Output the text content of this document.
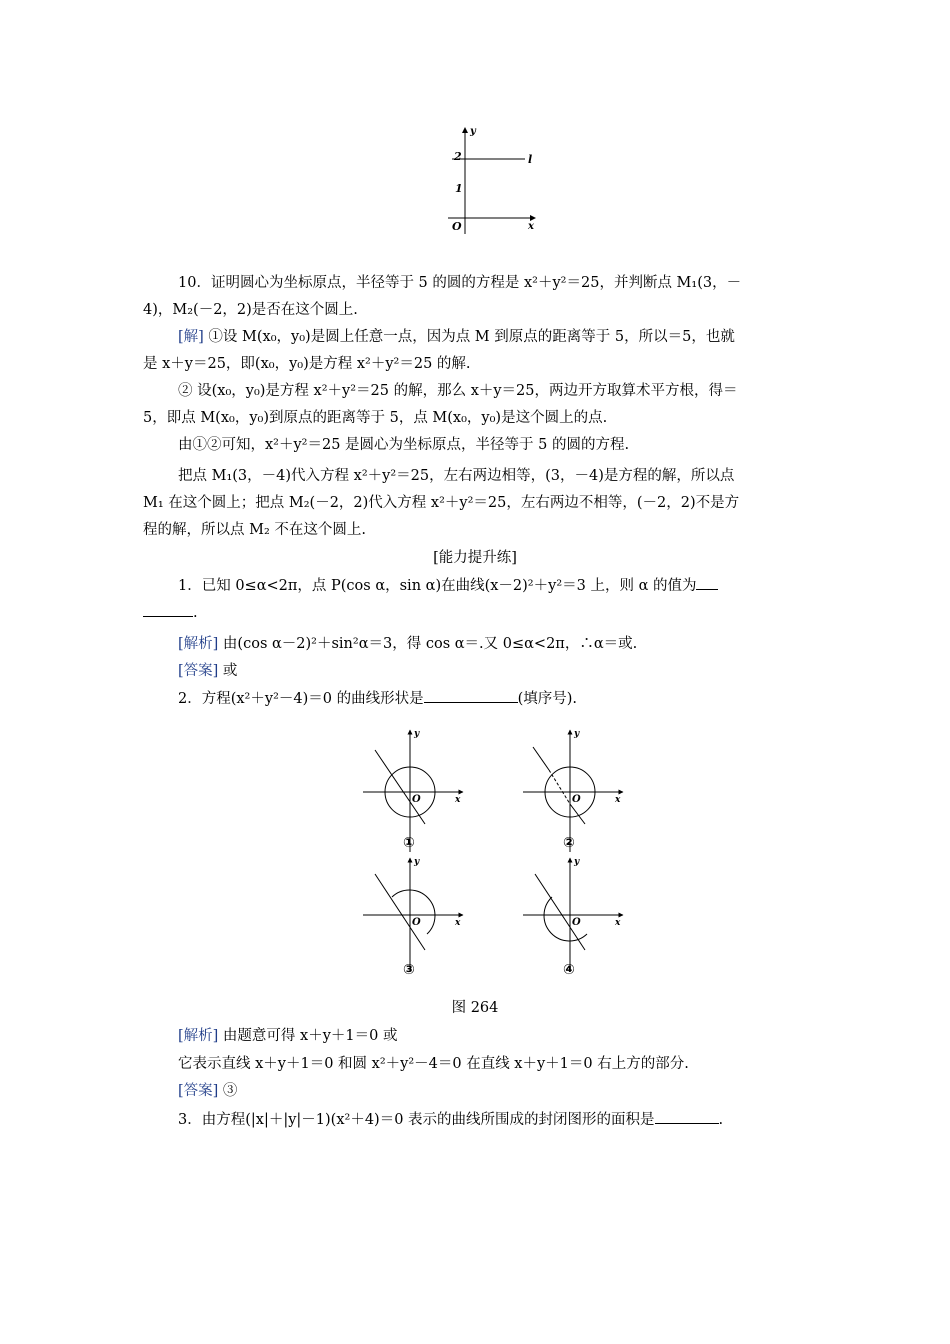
y
x
O
2
1
l
10．证明圆心为坐标原点，半径等于 5 的圆的方程是 x²＋y²＝25，并判断点 M₁(3，－
4)，M₂(－2，2)是否在这个圆上.
[解] ①设 M(x₀，y₀)是圆上任意一点，因为点 M 到原点的距离等于 5，所以＝5，也就
是 x＋y＝25，即(x₀，y₀)是方程 x²＋y²＝25 的解.
② 设(x₀，y₀)是方程 x²＋y²＝25 的解，那么 x＋y＝25，两边开方取算术平方根，得＝
5，即点 M(x₀，y₀)到原点的距离等于 5，点 M(x₀，y₀)是这个圆上的点.
由①②可知，x²＋y²＝25 是圆心为坐标原点，半径等于 5 的圆的方程.
把点 M₁(3，－4)代入方程 x²＋y²＝25，左右两边相等，(3，－4)是方程的解，所以点
M₁ 在这个圆上；把点 M₂(－2，2)代入方程 x²＋y²＝25，左右两边不相等，(－2，2)不是方
程的解，所以点 M₂ 不在这个圆上.
[能力提升练]
1．已知 0≤α<2π，点 P(cos α，sin α)在曲线(x－2)²＋y²＝3 上，则 α 的值为
.
[解析] 由(cos α－2)²＋sin²α＝3，得 cos α＝.又 0≤α<2π，∴α＝或.
[答案] 或
2．方程(x²＋y²－4)＝0 的曲线形状是	(填序号).
y
x
O
①
y
x
O
②
y
x
O
③
y
x
O
④
图 264
[解析] 由题意可得 x＋y＋1＝0 或
它表示直线 x＋y＋1＝0 和圆 x²＋y²－4＝0 在直线 x＋y＋1＝0 右上方的部分.
[答案] ③
3．由方程(|x|＋|y|－1)(x²＋4)＝0 表示的曲线所围成的封闭图形的面积是	.
